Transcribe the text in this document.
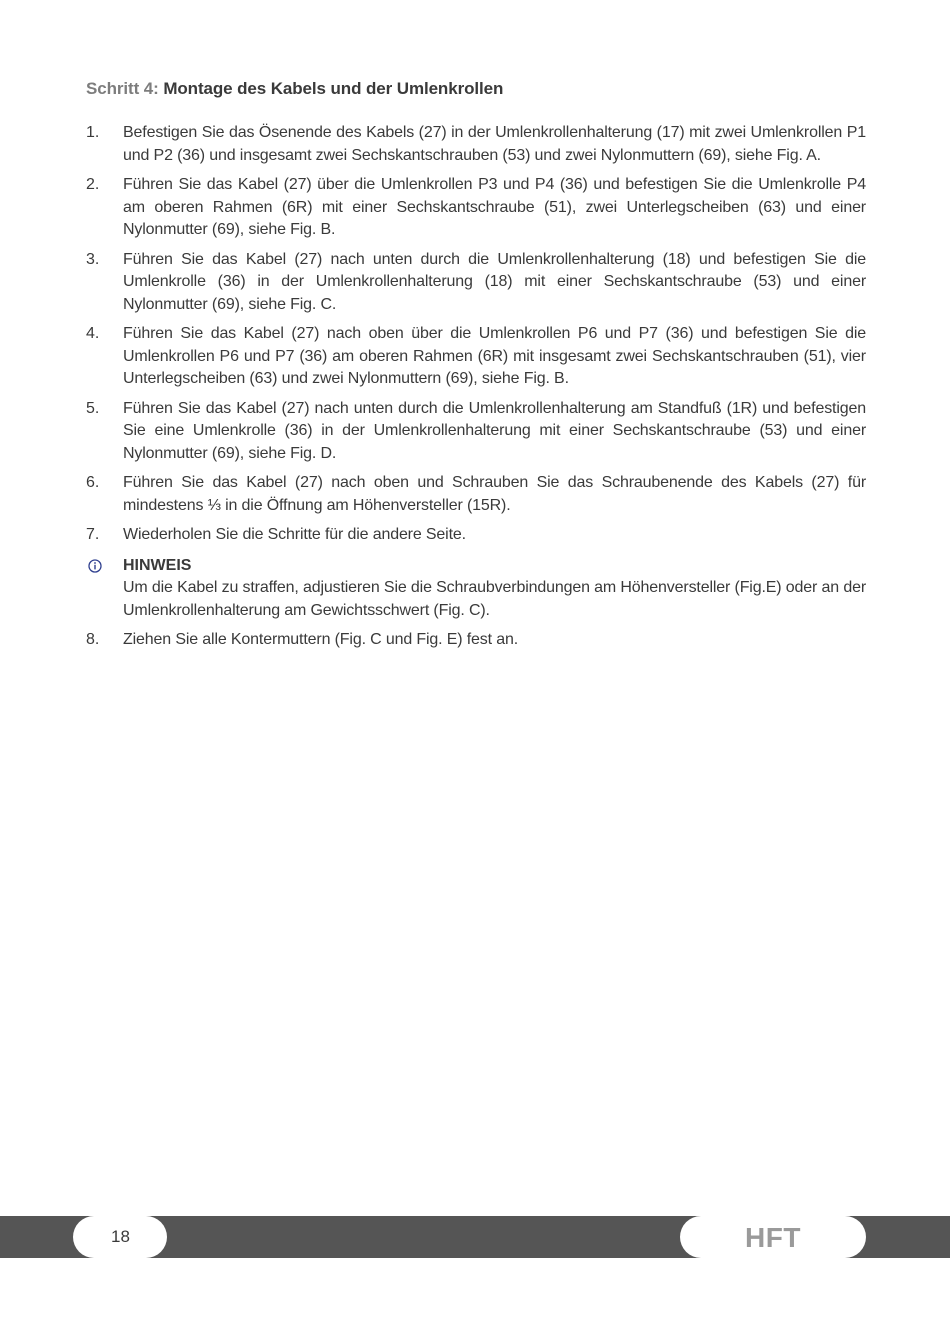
Schritt 4: Montage des Kabels und der Umlenkrollen
1.	Befestigen Sie das Ösenende des Kabels (27) in der Umlenkrollenhalterung (17) mit zwei Umlenkrollen P1 und P2 (36) und insgesamt zwei Sechskantschrauben (53) und zwei Nylonmuttern (69), siehe Fig. A.
2.	Führen Sie das Kabel (27) über die Umlenkrollen P3 und P4 (36) und befestigen Sie die Umlenkrolle P4 am oberen Rahmen (6R) mit einer Sechskantschraube (51), zwei Unterlegscheiben (63) und einer Nylonmutter (69), siehe Fig. B.
3.	Führen Sie das Kabel (27) nach unten durch die Umlenkrollenhalterung (18) und befestigen Sie die Umlenkrolle (36) in der Umlenkrollenhalterung (18) mit einer Sechskantschraube (53) und einer Nylonmutter (69), siehe Fig. C.
4.	Führen Sie das Kabel (27) nach oben über die Umlenkrollen P6 und P7 (36) und befestigen Sie die Umlenkrollen P6 und P7 (36) am oberen Rahmen (6R) mit insgesamt zwei Sechskantschrauben (51), vier Unterlegscheiben (63) und zwei Nylonmuttern (69), siehe Fig. B.
5.	Führen Sie das Kabel (27) nach unten durch die Umlenkrollenhalterung am Standfuß (1R) und befestigen Sie eine Umlenkrolle (36) in der Umlenkrollenhalterung mit einer Sechskantschraube (53) und einer Nylonmutter (69), siehe Fig. D.
6.	Führen Sie das Kabel (27) nach oben und Schrauben Sie das Schraubenende des Kabels (27) für mindestens ⅓ in die Öffnung am Höhenversteller (15R).
7.	Wiederholen Sie die Schritte für die andere Seite.
HINWEIS
Um die Kabel zu straffen, adjustieren Sie die Schraubverbindungen am Höhenversteller (Fig.E) oder an der Umlenkrollenhalterung am Gewichtsschwert (Fig. C).
8.	Ziehen Sie alle Kontermuttern (Fig. C und Fig. E) fest an.
18	HFT
